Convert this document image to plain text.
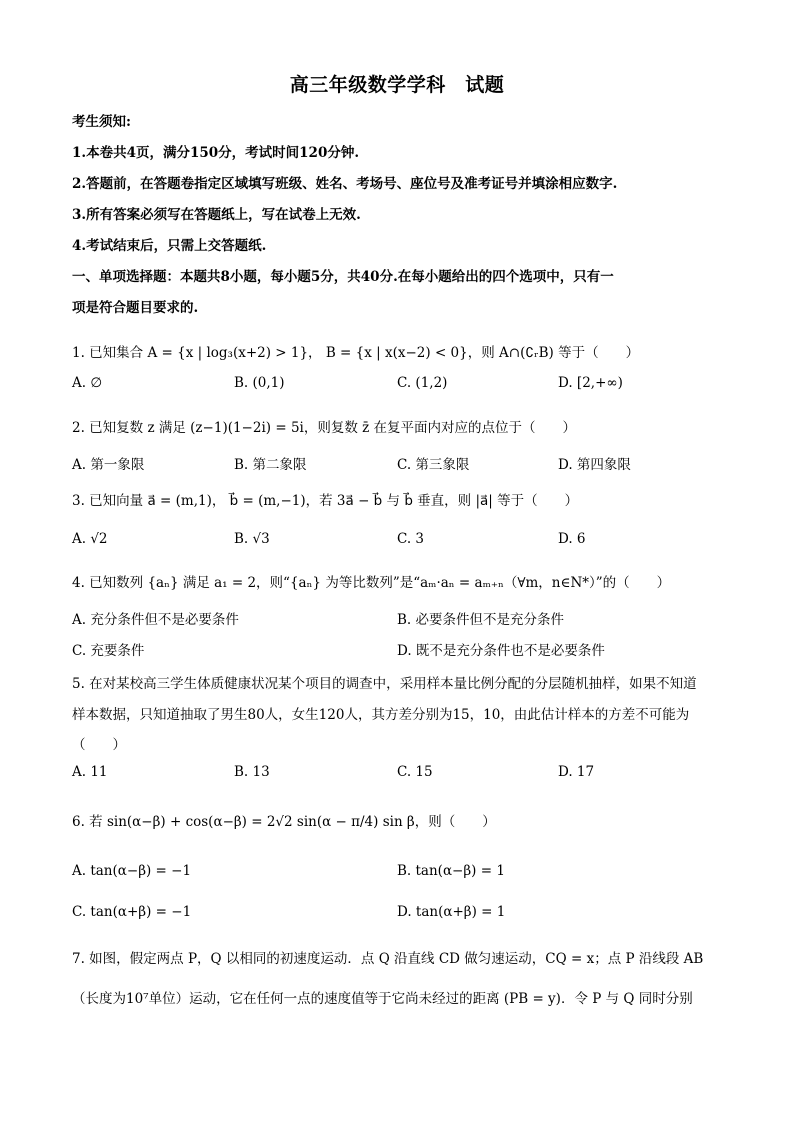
高三年级数学学科　试题
考生须知:
1.本卷共4页，满分150分，考试时间120分钟.
2.答题前，在答题卷指定区域填写班级、姓名、考场号、座位号及准考证号并填涂相应数字.
3.所有答案必须写在答题纸上，写在试卷上无效.
4.考试结束后，只需上交答题纸.
一、单项选择题：本题共8小题，每小题5分，共40分.在每小题给出的四个选项中，只有一
项是符合题目要求的.
1. 已知集合 A = {x | log₃(x+2) > 1}， B = {x | x(x−2) < 0}，则 A∩(∁ᵣB) 等于（　　）
A. ∅	B. (0,1)	C. (1,2)	D. [2,+∞)
2. 已知复数 z 满足 (z−1)(1−2i) = 5i，则复数 z̄ 在复平面内对应的点位于（　　）
A. 第一象限	B. 第二象限	C. 第三象限	D. 第四象限
3. 已知向量 a⃗ = (m,1)， b⃗ = (m,−1)，若 3a⃗ − b⃗ 与 b⃗ 垂直，则 |a⃗| 等于（　　）
A. √2	B. √3	C. 3	D. 6
4. 已知数列 {aₙ} 满足 a₁ = 2，则“{aₙ} 为等比数列”是“aₘ·aₙ = aₘ₊ₙ（∀m，n∈N*）”的（　　）
A. 充分条件但不是必要条件	B. 必要条件但不是充分条件
C. 充要条件	D. 既不是充分条件也不是必要条件
5. 在对某校高三学生体质健康状况某个项目的调查中，采用样本量比例分配的分层随机抽样，如果不知道
样本数据，只知道抽取了男生80人，女生120人，其方差分别为15，10，由此估计样本的方差不可能为
（　　）
A. 11	B. 13	C. 15	D. 17
6. 若 sin(α−β) + cos(α−β) = 2√2 sin(α − π/4) sin β，则（　　）
A. tan(α−β) = −1	B. tan(α−β) = 1
C. tan(α+β) = −1	D. tan(α+β) = 1
7. 如图，假定两点 P，Q 以相同的初速度运动．点 Q 沿直线 CD 做匀速运动，CQ = x；点 P 沿线段 AB
（长度为10⁷单位）运动，它在任何一点的速度值等于它尚未经过的距离 (PB = y)．令 P 与 Q 同时分别
